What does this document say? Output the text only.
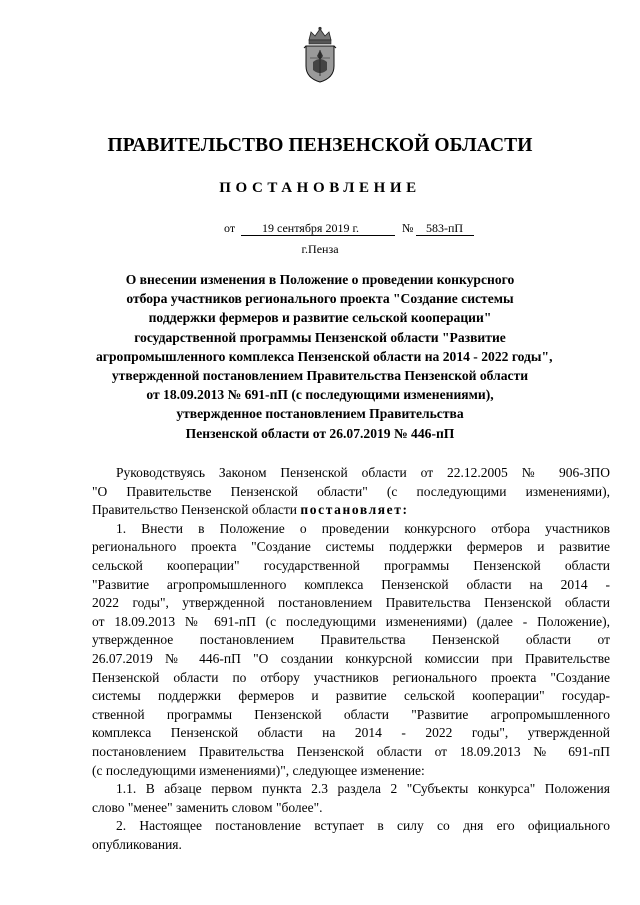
ПРАВИТЕЛЬСТВО ПЕНЗЕНСКОЙ ОБЛАСТИ
ПОСТАНОВЛЕНИЕ
от 19 сентября 2019 г.	№ 583-пП
г.Пенза
О внесении изменения в Положение о проведении конкурсного
отбора участников регионального проекта "Создание системы
поддержки фермеров и развитие сельской кооперации"
государственной программы Пензенской области "Развитие
агропромышленного комплекса Пензенской области на 2014 - 2022 годы",
утвержденной постановлением Правительства Пензенской области
от 18.09.2013 № 691-пП (с последующими изменениями),
утвержденное постановлением Правительства
Пензенской области от 26.07.2019 № 446-пП
Руководствуясь Законом Пензенской области от 22.12.2005 № 906-ЗПО
"О Правительстве Пензенской области" (с последующими изменениями),
Правительство Пензенской области постановляет:
1. Внести в Положение о проведении конкурсного отбора участников
регионального проекта "Создание системы поддержки фермеров и развитие
сельской кооперации" государственной программы Пензенской области
"Развитие агропромышленного комплекса Пензенской области на 2014 -
2022 годы", утвержденной постановлением Правительства Пензенской области
от 18.09.2013 № 691-пП (с последующими изменениями) (далее - Положение),
утвержденное постановлением Правительства Пензенской области от
26.07.2019 № 446-пП "О создании конкурсной комиссии при Правительстве
Пензенской области по отбору участников регионального проекта "Создание
системы поддержки фермеров и развитие сельской кооперации" государ-
ственной программы Пензенской области "Развитие агропромышленного
комплекса Пензенской области на 2014 - 2022 годы", утвержденной
постановлением Правительства Пензенской области от 18.09.2013 № 691-пП
(с последующими изменениями)", следующее изменение:
1.1. В абзаце первом пункта 2.3 раздела 2 "Субъекты конкурса" Положения
слово "менее" заменить словом "более".
2. Настоящее постановление вступает в силу со дня его официального
опубликования.
